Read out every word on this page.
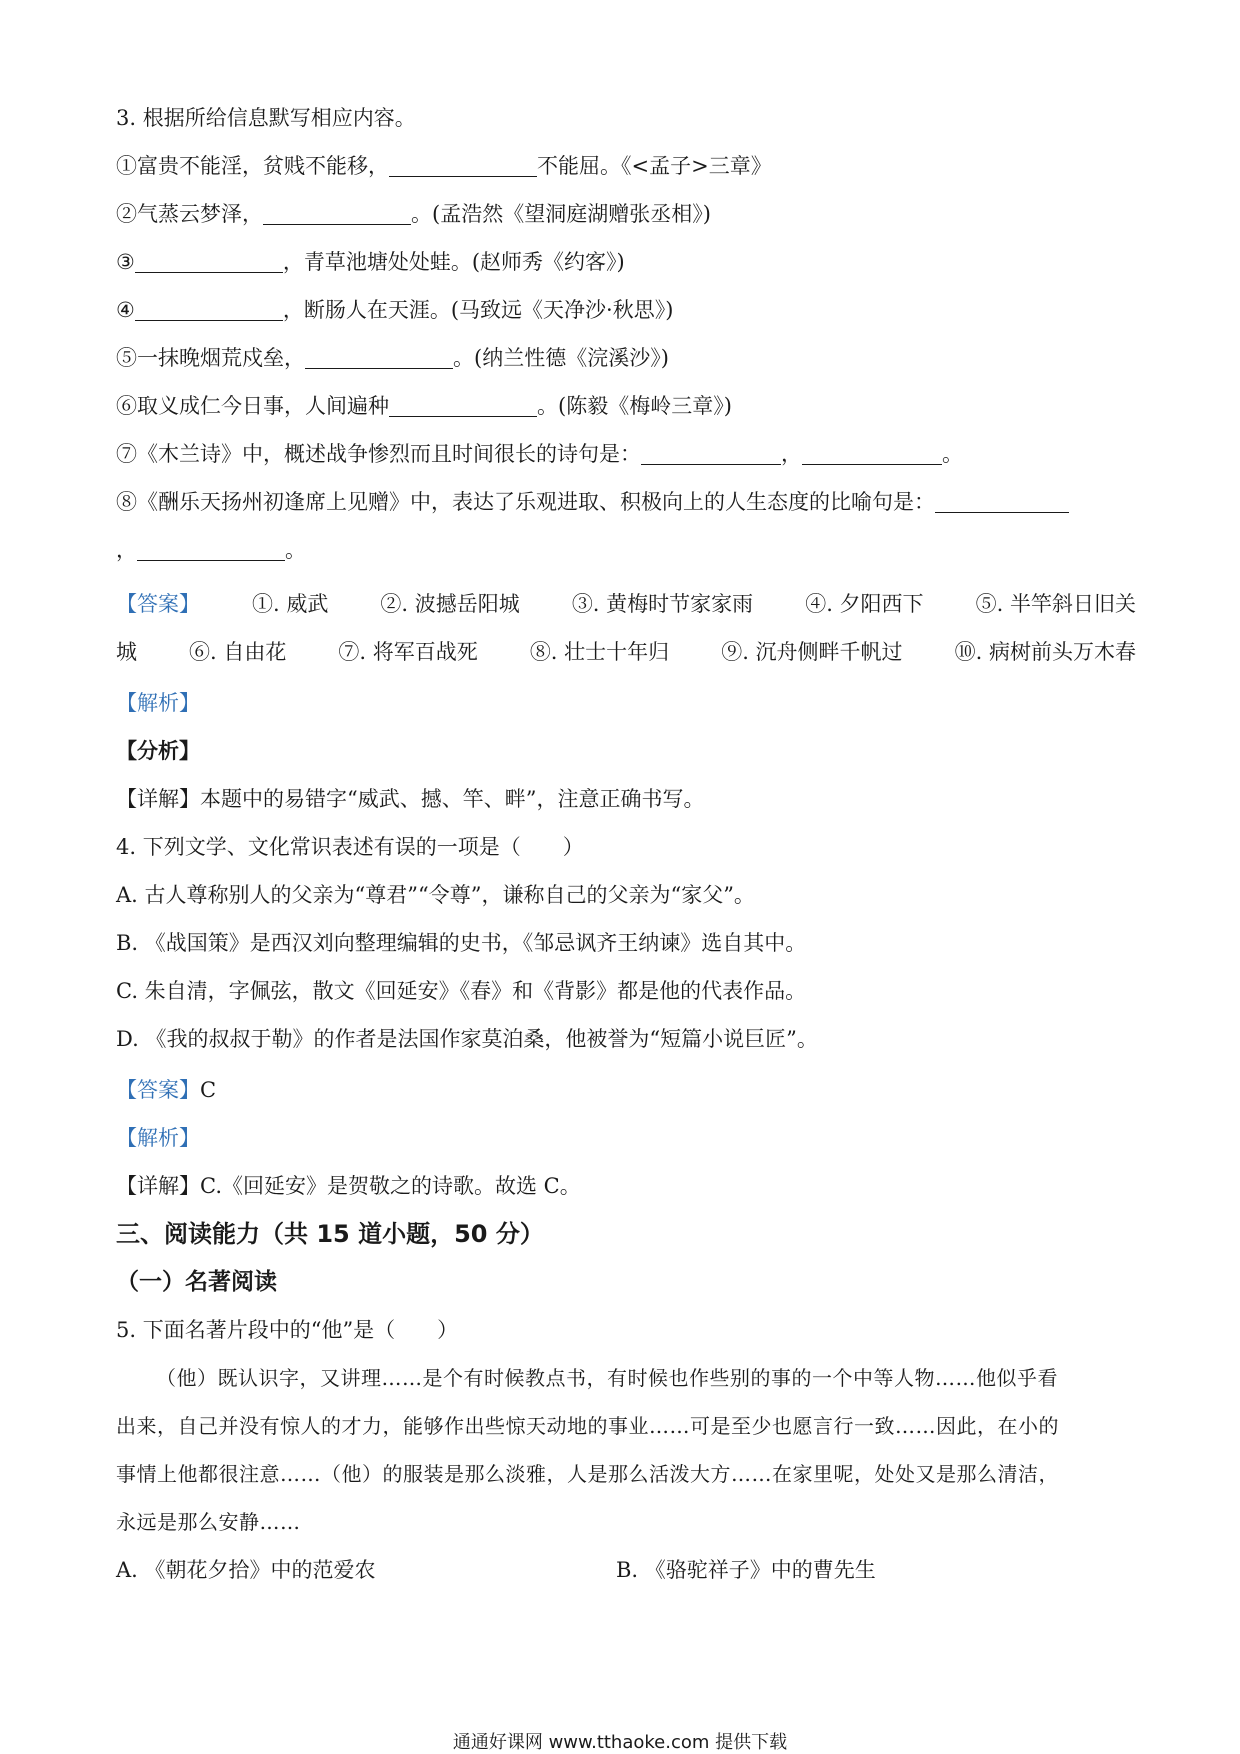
3. 根据所给信息默写相应内容。
①富贵不能淫，贫贱不能移，	不能屈。《<孟子>三章》
②气蒸云梦泽，	。(孟浩然《望洞庭湖赠张丞相》)
③	，青草池塘处处蛙。(赵师秀《约客》)
④	，断肠人在天涯。(马致远《天净沙·秋思》)
⑤一抹晚烟荒戍垒，	。(纳兰性德《浣溪沙》)
⑥取义成仁今日事，人间遍种	。(陈毅《梅岭三章》)
⑦《木兰诗》中，概述战争惨烈而且时间很长的诗句是：	，	。
⑧《酬乐天扬州初逢席上见赠》中，表达了乐观进取、积极向上的人生态度的比喻句是：
，	。
【答案】 ①. 威武 ②. 波撼岳阳城 ③. 黄梅时节家家雨 ④. 夕阳西下 ⑤. 半竿斜日旧关
城 ⑥. 自由花 ⑦. 将军百战死 ⑧. 壮士十年归 ⑨. 沉舟侧畔千帆过 ⑩. 病树前头万木春
【解析】
【分析】
【详解】本题中的易错字“威武、撼、竿、畔”，注意正确书写。
4. 下列文学、文化常识表述有误的一项是（　　）
A. 古人尊称别人的父亲为“尊君”“令尊”，谦称自己的父亲为“家父”。
B. 《战国策》是西汉刘向整理编辑的史书，《邹忌讽齐王纳谏》选自其中。
C. 朱自清，字佩弦，散文《回延安》《春》和《背影》都是他的代表作品。
D. 《我的叔叔于勒》的作者是法国作家莫泊桑，他被誉为“短篇小说巨匠”。
【答案】C
【解析】
【详解】C.《回延安》是贺敬之的诗歌。故选 C。
三、阅读能力（共 15 道小题，50 分）
（一）名著阅读
5. 下面名著片段中的“他”是（　　）
（他）既认识字，又讲理……是个有时候教点书，有时候也作些别的事的一个中等人物……他似乎看
出来，自己并没有惊人的才力，能够作出些惊天动地的事业……可是至少也愿言行一致……因此，在小的
事情上他都很注意……（他）的服装是那么淡雅，人是那么活泼大方……在家里呢，处处又是那么清洁，
永远是那么安静……
A. 《朝花夕拾》中的范爱农	B. 《骆驼祥子》中的曹先生
通通好课网 www.tthaoke.com 提供下载
